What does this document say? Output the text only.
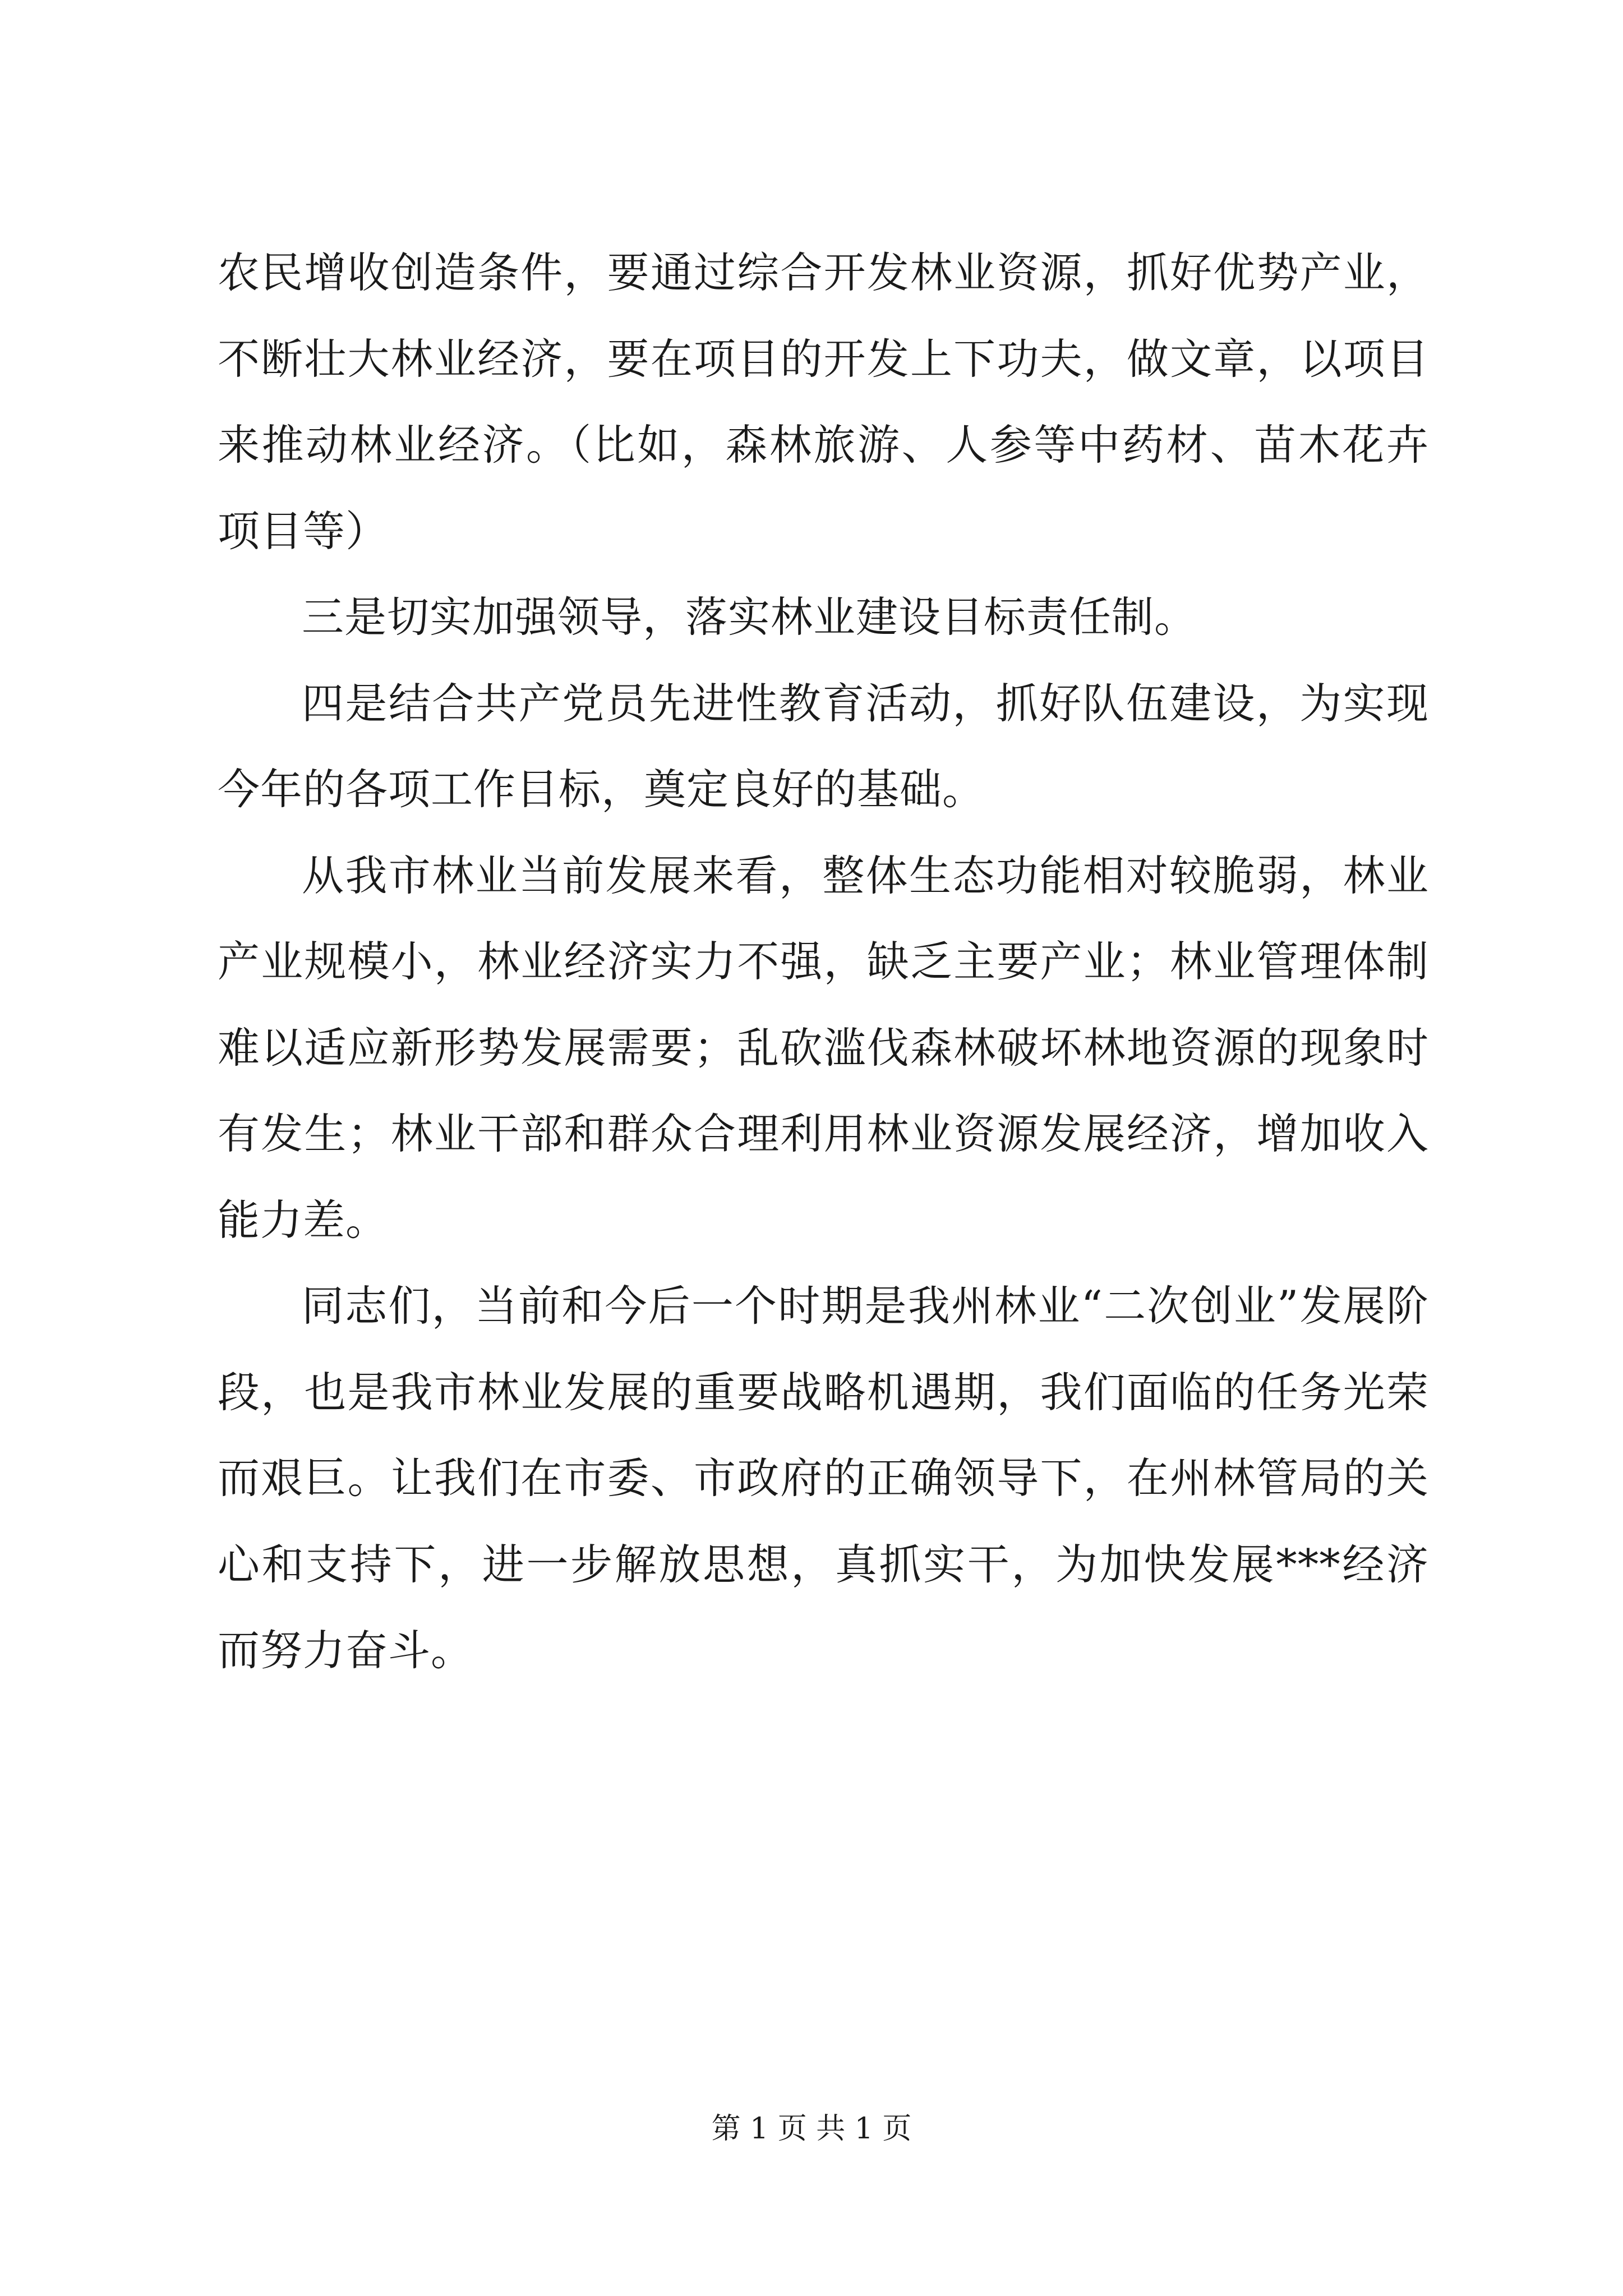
农民增收创造条件，要通过综合开发林业资源，抓好优势产业，不断壮大林业经济，要在项目的开发上下功夫，做文章，以项目来推动林业经济。（比如，森林旅游、人参等中药材、苗木花卉项目等）

三是切实加强领导，落实林业建设目标责任制。

四是结合共产党员先进性教育活动，抓好队伍建设，为实现今年的各项工作目标，奠定良好的基础。

从我市林业当前发展来看，整体生态功能相对较脆弱，林业产业规模小，林业经济实力不强，缺乏主要产业；林业管理体制难以适应新形势发展需要；乱砍滥伐森林破坏林地资源的现象时有发生；林业干部和群众合理利用林业资源发展经济，增加收入能力差。

同志们，当前和今后一个时期是我州林业“二次创业”发展阶段，也是我市林业发展的重要战略机遇期，我们面临的任务光荣而艰巨。让我们在市委、市政府的正确领导下，在州林管局的关心和支持下，进一步解放思想，真抓实干，为加快发展***经济而努力奋斗。

第 1 页 共 1 页
